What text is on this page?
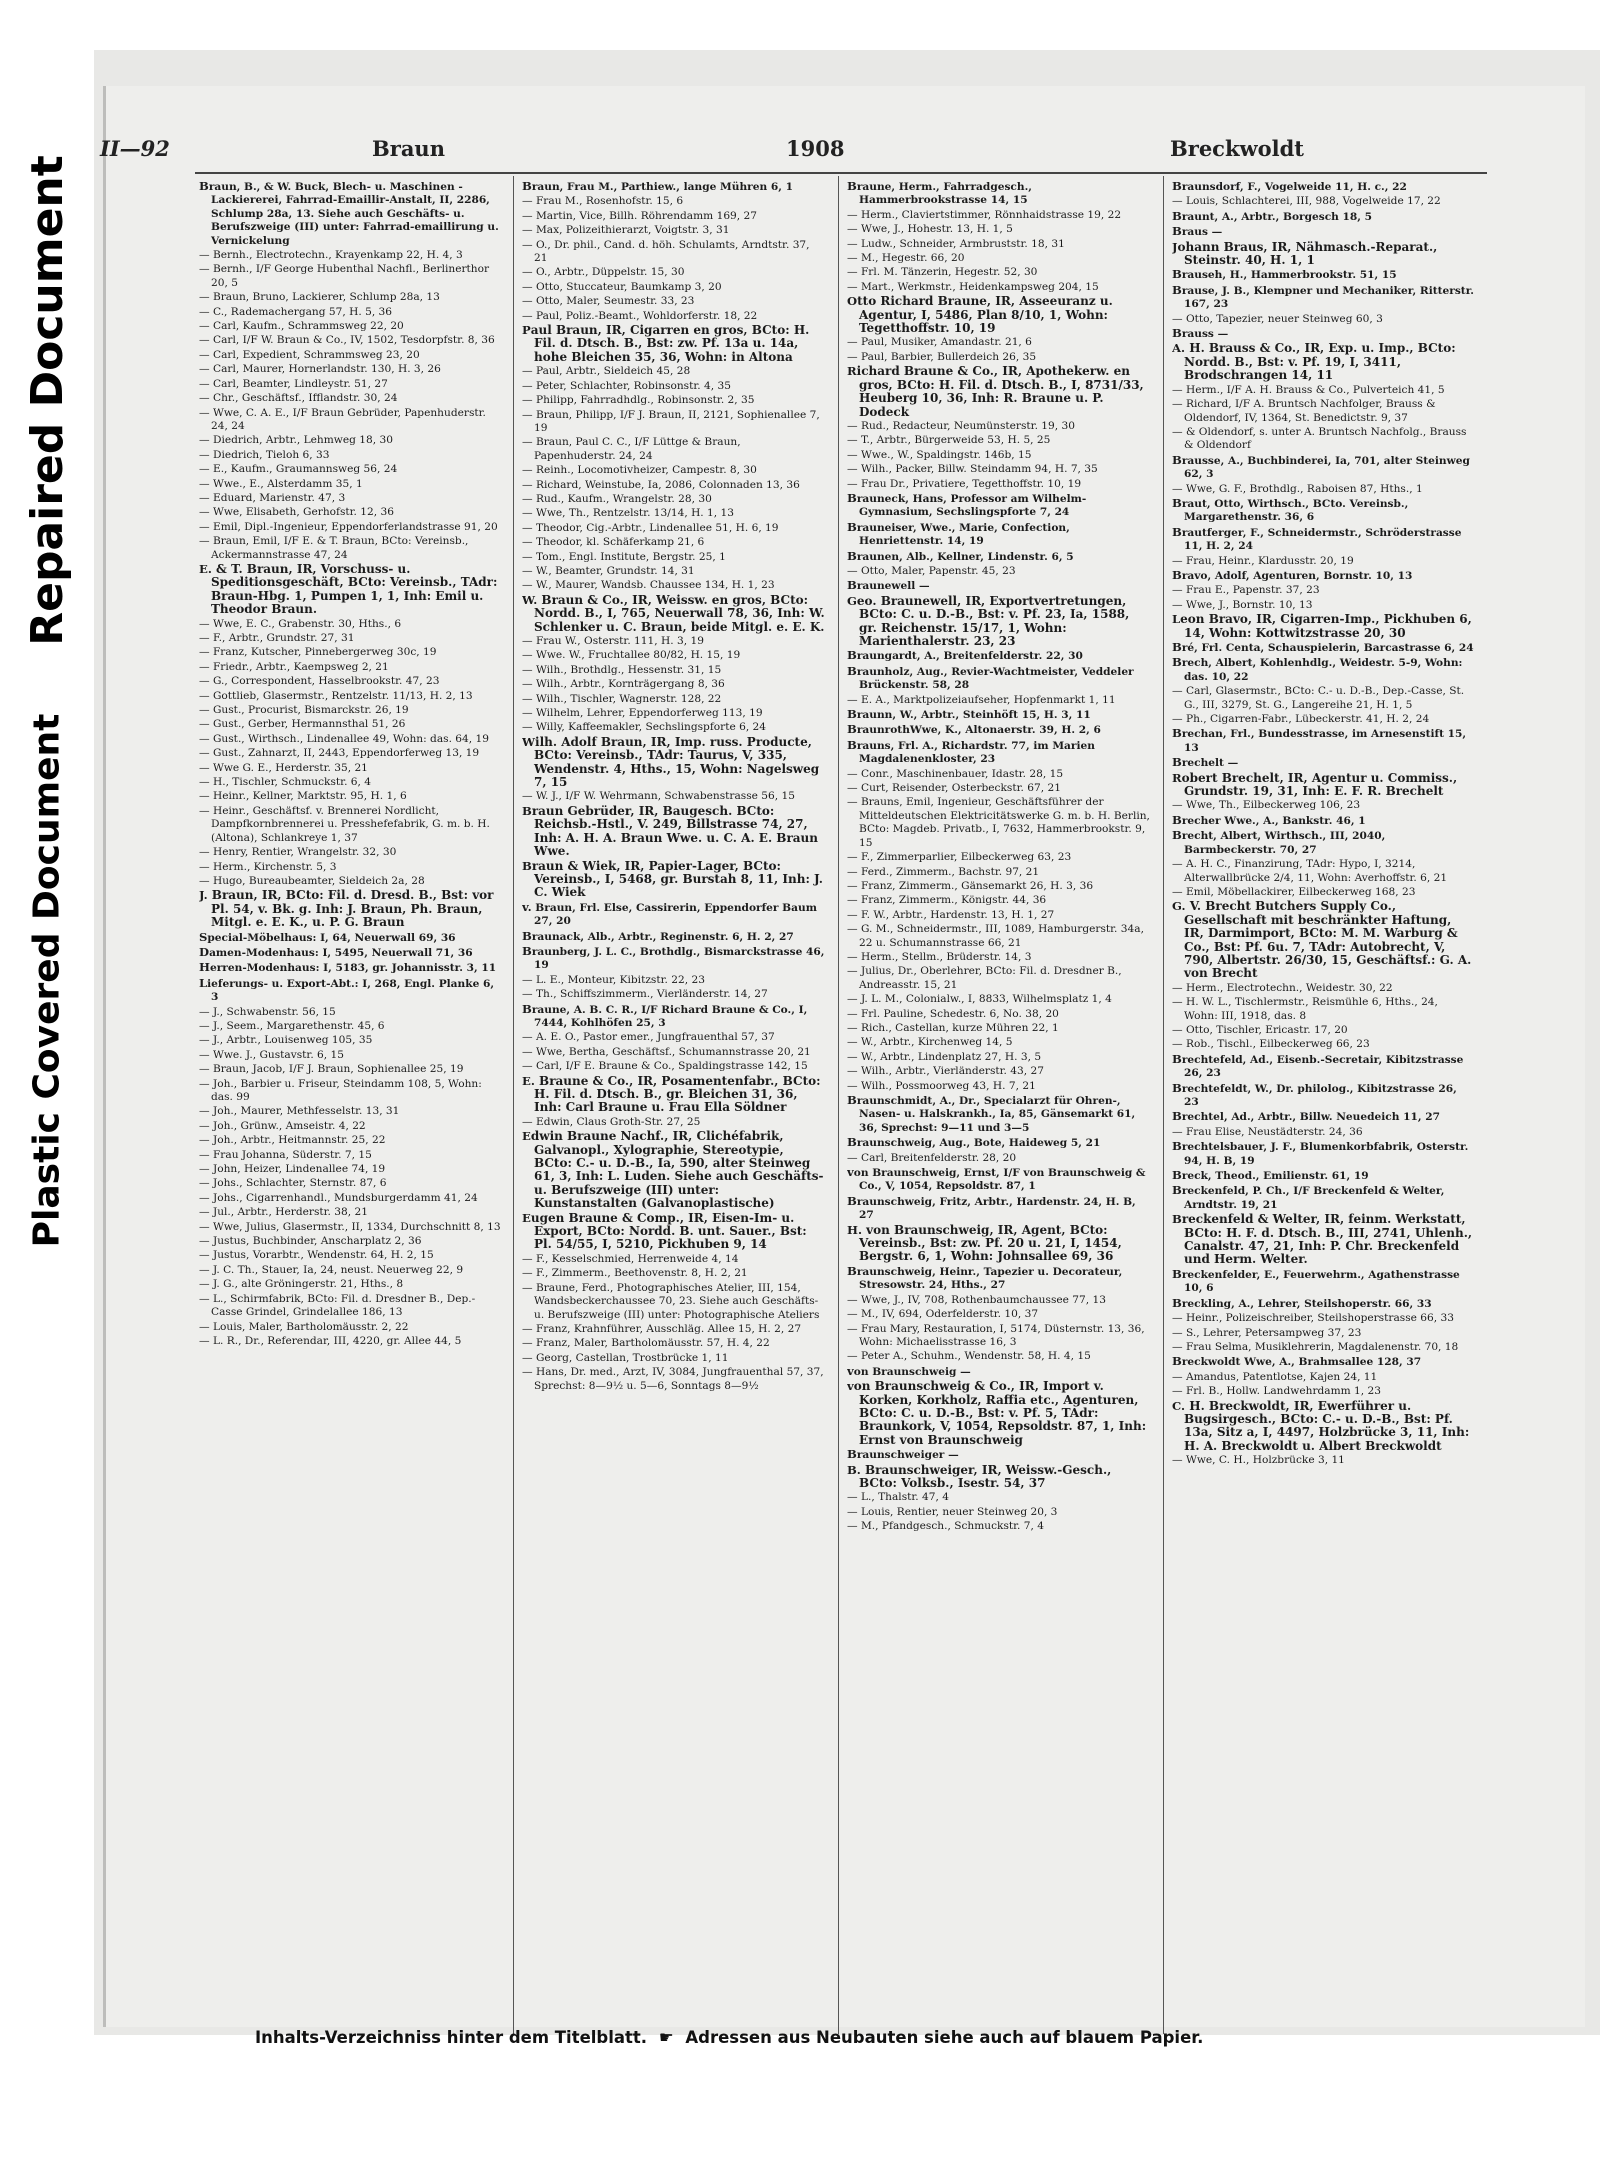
Repaired Document
Plastic Covered Document
II—92	Braun	1908	Breckwoldt
Braun, B., & W. Buck, Blech- u. Maschinen - Lackiererei, Fahrrad-Emaillir-Anstalt, II, 2286, Schlump 28a, 13. Siehe auch Geschäfts- u. Berufszweige (III) unter: Fahrrad-emaillirung u. Vernickelung
— Bernh., Electrotechn., Krayenkamp 22, H. 4, 3
— Bernh., I/F George Hubenthal Nachfl., Berlinerthor 20, 5
— Braun, Bruno, Lackierer, Schlump 28a, 13
— C., Rademachergang 57, H. 5, 36
— Carl, Kaufm., Schrammsweg 22, 20
— Carl, I/F W. Braun & Co., IV, 1502, Tesdorpfstr. 8, 36
— Carl, Expedient, Schrammsweg 23, 20
— Carl, Maurer, Hornerlandstr. 130, H. 3, 26
— Carl, Beamter, Lindleystr. 51, 27
— Chr., Geschäftsf., Ifflandstr. 30, 24
— Wwe, C. A. E., I/F Braun Gebrüder, Papenhuderstr. 24, 24
— Diedrich, Arbtr., Lehmweg 18, 30
— Diedrich, Tieloh 6, 33
— E., Kaufm., Graumannsweg 56, 24
— Wwe., E., Alsterdamm 35, 1
— Eduard, Marienstr. 47, 3
— Wwe, Elisabeth, Gerhofstr. 12, 36
— Emil, Dipl.-Ingenieur, Eppendorferlandstrasse 91, 20
— Braun, Emil, I/F E. & T. Braun, BCto: Vereinsb., Ackermannstrasse 47, 24
E. & T. Braun, IR, Vorschuss- u. Speditionsgeschäft, BCto: Vereinsb., TAdr: Braun-Hbg. 1, Pumpen 1, 1, Inh: Emil u. Theodor Braun.
— Wwe, E. C., Grabenstr. 30, Hths., 6
— F., Arbtr., Grundstr. 27, 31
— Franz, Kutscher, Pinnebergerweg 30c, 19
— Friedr., Arbtr., Kaempsweg 2, 21
— G., Correspondent, Hasselbrookstr. 47, 23
— Gottlieb, Glasermstr., Rentzelstr. 11/13, H. 2, 13
— Gust., Procurist, Bismarckstr. 26, 19
— Gust., Gerber, Hermannsthal 51, 26
— Gust., Wirthsch., Lindenallee 49, Wohn: das. 64, 19
— Gust., Zahnarzt, II, 2443, Eppendorferweg 13, 19
— Wwe G. E., Herderstr. 35, 21
— H., Tischler, Schmuckstr. 6, 4
— Heinr., Kellner, Marktstr. 95, H. 1, 6
— Heinr., Geschäftsf. v. Brennerei Nordlicht, Dampfkornbrennerei u. Presshefefabrik, G. m. b. H. (Altona), Schlankreye 1, 37
— Henry, Rentier, Wrangelstr. 32, 30
— Herm., Kirchenstr. 5, 3
— Hugo, Bureaubeamter, Sieldeich 2a, 28
J. Braun, IR, BCto: Fil. d. Dresd. B., Bst: vor Pl. 54, v. Bk. g. Inh: J. Braun, Ph. Braun, Mitgl. e. E. K., u. P. G. Braun
Special-Möbelhaus: I, 64, Neuerwall 69, 36
Damen-Modenhaus: I, 5495, Neuerwall 71, 36
Herren-Modenhaus: I, 5183, gr. Johannisstr. 3, 11
Lieferungs- u. Export-Abt.: I, 268, Engl. Planke 6, 3
— J., Schwabenstr. 56, 15
— J., Seem., Margarethenstr. 45, 6
— J., Arbtr., Louisenweg 105, 35
— Wwe. J., Gustavstr. 6, 15
— Braun, Jacob, I/F J. Braun, Sophienallee 25, 19
— Joh., Barbier u. Friseur, Steindamm 108, 5, Wohn: das. 99
— Joh., Maurer, Methfesselstr. 13, 31
— Joh., Grünw., Amseistr. 4, 22
— Joh., Arbtr., Heitmannstr. 25, 22
— Frau Johanna, Süderstr. 7, 15
— John, Heizer, Lindenallee 74, 19
— Johs., Schlachter, Sternstr. 87, 6
— Johs., Cigarrenhandl., Mundsburgerdamm 41, 24
— Jul., Arbtr., Herderstr. 38, 21
— Wwe, Julius, Glasermstr., II, 1334, Durchschnitt 8, 13
— Justus, Buchbinder, Anscharplatz 2, 36
— Justus, Vorarbtr., Wendenstr. 64, H. 2, 15
— J. C. Th., Stauer, Ia, 24, neust. Neuerweg 22, 9
— J. G., alte Gröningerstr. 21, Hths., 8
— L., Schirmfabrik, BCto: Fil. d. Dresdner B., Dep.-Casse Grindel, Grindelallee 186, 13
— Louis, Maler, Bartholomäusstr. 2, 22
— L. R., Dr., Referendar, III, 4220, gr. Allee 44, 5
Braun, Frau M., Parthiew., lange Mühren 6, 1
— Frau M., Rosenhofstr. 15, 6
— Martin, Vice, Billh. Röhrendamm 169, 27
— Max, Polizeithierarzt, Voigtstr. 3, 31
— O., Dr. phil., Cand. d. höh. Schulamts, Arndtstr. 37, 21
— O., Arbtr., Düppelstr. 15, 30
— Otto, Stuccateur, Baumkamp 3, 20
— Otto, Maler, Seumestr. 33, 23
— Paul, Poliz.-Beamt., Wohldorferstr. 18, 22
Paul Braun, IR, Cigarren en gros, BCto: H. Fil. d. Dtsch. B., Bst: zw. Pf. 13a u. 14a, hohe Bleichen 35, 36, Wohn: in Altona
— Paul, Arbtr., Sieldeich 45, 28
— Peter, Schlachter, Robinsonstr. 4, 35
— Philipp, Fahrradhdlg., Robinsonstr. 2, 35
— Braun, Philipp, I/F J. Braun, II, 2121, Sophienallee 7, 19
— Braun, Paul C. C., I/F Lüttge & Braun, Papenhuderstr. 24, 24
— Reinh., Locomotivheizer, Campestr. 8, 30
— Richard, Weinstube, Ia, 2086, Colonnaden 13, 36
— Rud., Kaufm., Wrangelstr. 28, 30
— Wwe, Th., Rentzelstr. 13/14, H. 1, 13
— Theodor, Cig.-Arbtr., Lindenallee 51, H. 6, 19
— Theodor, kl. Schäferkamp 21, 6
— Tom., Engl. Institute, Bergstr. 25, 1
— W., Beamter, Grundstr. 14, 31
— W., Maurer, Wandsb. Chaussee 134, H. 1, 23
W. Braun & Co., IR, Weissw. en gros, BCto: Nordd. B., I, 765, Neuerwall 78, 36, Inh: W. Schlenker u. C. Braun, beide Mitgl. e. E. K.
— Frau W., Osterstr. 111, H. 3, 19
— Wwe. W., Fruchtallee 80/82, H. 15, 19
— Wilh., Brothdlg., Hessenstr. 31, 15
— Wilh., Arbtr., Kornträgergang 8, 36
— Wilh., Tischler, Wagnerstr. 128, 22
— Wilhelm, Lehrer, Eppendorferweg 113, 19
— Willy, Kaffeemakler, Sechslingspforte 6, 24
Wilh. Adolf Braun, IR, Imp. russ. Producte, BCto: Vereinsb., TAdr: Taurus, V, 335, Wendenstr. 4, Hths., 15, Wohn: Nagelsweg 7, 15
— W. J., I/F W. Wehrmann, Schwabenstrasse 56, 15
Braun Gebrüder, IR, Baugesch. BCto: Reichsb.-Hstl., V. 249, Billstrasse 74, 27, Inh: A. H. A. Braun Wwe. u. C. A. E. Braun Wwe.
Braun & Wiek, IR, Papier-Lager, BCto: Vereinsb., I, 5468, gr. Burstah 8, 11, Inh: J. C. Wiek
v. Braun, Frl. Else, Cassirerin, Eppendorfer Baum 27, 20
Braunack, Alb., Arbtr., Reginenstr. 6, H. 2, 27
Braunberg, J. L. C., Brothdlg., Bismarckstrasse 46, 19
— L. E., Monteur, Kibitzstr. 22, 23
— Th., Schiffszimmerm., Vierländerstr. 14, 27
Braune, A. B. C. R., I/F Richard Braune & Co., I, 7444, Kohlhöfen 25, 3
— A. E. O., Pastor emer., Jungfrauenthal 57, 37
— Wwe, Bertha, Geschäftsf., Schumannstrasse 20, 21
— Carl, I/F E. Braune & Co., Spaldingstrasse 142, 15
E. Braune & Co., IR, Posamentenfabr., BCto: H. Fil. d. Dtsch. B., gr. Bleichen 31, 36, Inh: Carl Braune u. Frau Ella Söldner
— Edwin, Claus Groth-Str. 27, 25
Edwin Braune Nachf., IR, Clichéfabrik, Galvanopl., Xylographie, Stereotypie, BCto: C.- u. D.-B., Ia, 590, alter Steinweg 61, 3, Inh: L. Luden. Siehe auch Geschäfts- u. Berufszweige (III) unter: Kunstanstalten (Galvanoplastische)
Eugen Braune & Comp., IR, Eisen-Im- u. Export, BCto: Nordd. B. unt. Sauer., Bst: Pl. 54/55, I, 5210, Pickhuben 9, 14
— F., Kesselschmied, Herrenweide 4, 14
— F., Zimmerm., Beethovenstr. 8, H. 2, 21
— Braune, Ferd., Photographisches Atelier, III, 154, Wandsbeckerchaussee 70, 23. Siehe auch Geschäfts- u. Berufszweige (III) unter: Photographische Ateliers
— Franz, Krahnführer, Ausschläg. Allee 15, H. 2, 27
— Franz, Maler, Bartholomäusstr. 57, H. 4, 22
— Georg, Castellan, Trostbrücke 1, 11
— Hans, Dr. med., Arzt, IV, 3084, Jungfrauenthal 57, 37, Sprechst: 8—9½ u. 5—6, Sonntags 8—9½
Braune, Herm., Fahrradgesch., Hammerbrookstrasse 14, 15
— Herm., Claviertstimmer, Rönnhaidstrasse 19, 22
— Wwe, J., Hohestr. 13, H. 1, 5
— Ludw., Schneider, Armbruststr. 18, 31
— M., Hegestr. 66, 20
— Frl. M. Tänzerin, Hegestr. 52, 30
— Mart., Werkmstr., Heidenkampsweg 204, 15
Otto Richard Braune, IR, Asseeuranz u. Agentur, I, 5486, Plan 8/10, 1, Wohn: Tegetthoffstr. 10, 19
— Paul, Musiker, Amandastr. 21, 6
— Paul, Barbier, Bullerdeich 26, 35
Richard Braune & Co., IR, Apothekerw. en gros, BCto: H. Fil. d. Dtsch. B., I, 8731/33, Heuberg 10, 36, Inh: R. Braune u. P. Dodeck
— Rud., Redacteur, Neumünsterstr. 19, 30
— T., Arbtr., Bürgerweide 53, H. 5, 25
— Wwe., W., Spaldingstr. 146b, 15
— Wilh., Packer, Billw. Steindamm 94, H. 7, 35
— Frau Dr., Privatiere, Tegetthoffstr. 10, 19
Brauneck, Hans, Professor am Wilhelm-Gymnasium, Sechslingspforte 7, 24
Brauneiser, Wwe., Marie, Confection, Henriettenstr. 14, 19
Braunen, Alb., Kellner, Lindenstr. 6, 5
— Otto, Maler, Papenstr. 45, 23
Braunewell —
Geo. Braunewell, IR, Exportvertretungen, BCto: C. u. D.-B., Bst: v. Pf. 23, Ia, 1588, gr. Reichenstr. 15/17, 1, Wohn: Marienthalerstr. 23, 23
Braungardt, A., Breitenfelderstr. 22, 30
Braunholz, Aug., Revier-Wachtmeister, Veddeler Brückenstr. 58, 28
— E. A., Marktpolizeiaufseher, Hopfenmarkt 1, 11
Braunn, W., Arbtr., Steinhöft 15, H. 3, 11
BraunrothWwe, K., Altonaerstr. 39, H. 2, 6
Brauns, Frl. A., Richardstr. 77, im Marien Magdalenenkloster, 23
— Conr., Maschinenbauer, Idastr. 28, 15
— Curt, Reisender, Osterbeckstr. 67, 21
— Brauns, Emil, Ingenieur, Geschäftsführer der Mitteldeutschen Elektricitätswerke G. m. b. H. Berlin, BCto: Magdeb. Privatb., I, 7632, Hammerbrookstr. 9, 15
— F., Zimmerparlier, Eilbeckerweg 63, 23
— Ferd., Zimmerm., Bachstr. 97, 21
— Franz, Zimmerm., Gänsemarkt 26, H. 3, 36
— Franz, Zimmerm., Königstr. 44, 36
— F. W., Arbtr., Hardenstr. 13, H. 1, 27
— G. M., Schneidermstr., III, 1089, Hamburgerstr. 34a, 22 u. Schumannstrasse 66, 21
— Herm., Stellm., Brüderstr. 14, 3
— Julius, Dr., Oberlehrer, BCto: Fil. d. Dresdner B., Andreasstr. 15, 21
— J. L. M., Colonialw., I, 8833, Wilhelmsplatz 1, 4
— Frl. Pauline, Schedestr. 6, No. 38, 20
— Rich., Castellan, kurze Mühren 22, 1
— W., Arbtr., Kirchenweg 14, 5
— W., Arbtr., Lindenplatz 27, H. 3, 5
— Wilh., Arbtr., Vierländerstr. 43, 27
— Wilh., Possmoorweg 43, H. 7, 21
Braunschmidt, A., Dr., Specialarzt für Ohren-, Nasen- u. Halskrankh., Ia, 85, Gänsemarkt 61, 36, Sprechst: 9—11 und 3—5
Braunschweig, Aug., Bote, Haideweg 5, 21
— Carl, Breitenfelderstr. 28, 20
von Braunschweig, Ernst, I/F von Braunschweig & Co., V, 1054, Repsoldstr. 87, 1
Braunschweig, Fritz, Arbtr., Hardenstr. 24, H. B, 27
H. von Braunschweig, IR, Agent, BCto: Vereinsb., Bst: zw. Pf. 20 u. 21, I, 1454, Bergstr. 6, 1, Wohn: Johnsallee 69, 36
Braunschweig, Heinr., Tapezier u. Decorateur, Stresowstr. 24, Hths., 27
— Wwe, J., IV, 708, Rothenbaumchaussee 77, 13
— M., IV, 694, Oderfelderstr. 10, 37
— Frau Mary, Restauration, I, 5174, Düsternstr. 13, 36, Wohn: Michaelisstrasse 16, 3
— Peter A., Schuhm., Wendenstr. 58, H. 4, 15
von Braunschweig —
von Braunschweig & Co., IR, Import v. Korken, Korkholz, Raffia etc., Agenturen, BCto: C. u. D.-B., Bst: v. Pf. 5, TAdr: Braunkork, V, 1054, Repsoldstr. 87, 1, Inh: Ernst von Braunschweig
Braunschweiger —
B. Braunschweiger, IR, Weissw.-Gesch., BCto: Volksb., Isestr. 54, 37
— L., Thalstr. 47, 4
— Louis, Rentier, neuer Steinweg 20, 3
— M., Pfandgesch., Schmuckstr. 7, 4
Braunsdorf, F., Vogelweide 11, H. c., 22
— Louis, Schlachterei, III, 988, Vogelweide 17, 22
Braunt, A., Arbtr., Borgesch 18, 5
Braus —
Johann Braus, IR, Nähmasch.-Reparat., Steinstr. 40, H. 1, 1
Brauseh, H., Hammerbrookstr. 51, 15
Brause, J. B., Klempner und Mechaniker, Ritterstr. 167, 23
— Otto, Tapezier, neuer Steinweg 60, 3
Brauss —
A. H. Brauss & Co., IR, Exp. u. Imp., BCto: Nordd. B., Bst: v. Pf. 19, I, 3411, Brodschrangen 14, 11
— Herm., I/F A. H. Brauss & Co., Pulverteich 41, 5
— Richard, I/F A. Bruntsch Nachfolger, Brauss & Oldendorf, IV, 1364, St. Benedictstr. 9, 37
— & Oldendorf, s. unter A. Bruntsch Nachfolg., Brauss & Oldendorf
Brausse, A., Buchbinderei, Ia, 701, alter Steinweg 62, 3
— Wwe, G. F., Brothdlg., Raboisen 87, Hths., 1
Braut, Otto, Wirthsch., BCto. Vereinsb., Margarethenstr. 36, 6
Brautferger, F., Schneidermstr., Schröderstrasse 11, H. 2, 24
— Frau, Heinr., Klardusstr. 20, 19
Bravo, Adolf, Agenturen, Bornstr. 10, 13
— Frau E., Papenstr. 37, 23
— Wwe, J., Bornstr. 10, 13
Leon Bravo, IR, Cigarren-Imp., Pickhuben 6, 14, Wohn: Kottwitzstrasse 20, 30
Bré, Frl. Centa, Schauspielerin, Barcastrasse 6, 24
Brech, Albert, Kohlenhdlg., Weidestr. 5-9, Wohn: das. 10, 22
— Carl, Glasermstr., BCto: C.- u. D.-B., Dep.-Casse, St. G., III, 3279, St. G., Langereihe 21, H. 1, 5
— Ph., Cigarren-Fabr., Lübeckerstr. 41, H. 2, 24
Brechan, Frl., Bundesstrasse, im Arnesenstift 15, 13
Brechelt —
Robert Brechelt, IR, Agentur u. Commiss., Grundstr. 19, 31, Inh: E. F. R. Brechelt
— Wwe, Th., Eilbeckerweg 106, 23
Brecher Wwe., A., Bankstr. 46, 1
Brecht, Albert, Wirthsch., III, 2040, Barmbeckerstr. 70, 27
— A. H. C., Finanzirung, TAdr: Hypo, I, 3214, Alterwallbrücke 2/4, 11, Wohn: Averhoffstr. 6, 21
— Emil, Möbellackirer, Eilbeckerweg 168, 23
G. V. Brecht Butchers Supply Co., Gesellschaft mit beschränkter Haftung, IR, Darmimport, BCto: M. M. Warburg & Co., Bst: Pf. 6u. 7, TAdr: Autobrecht, V, 790, Albertstr. 26/30, 15, Geschäftsf.: G. A. von Brecht
— Herm., Electrotechn., Weidestr. 30, 22
— H. W. L., Tischlermstr., Reismühle 6, Hths., 24, Wohn: III, 1918, das. 8
— Otto, Tischler, Ericastr. 17, 20
— Rob., Tischl., Eilbeckerweg 66, 23
Brechtefeld, Ad., Eisenb.-Secretair, Kibitzstrasse 26, 23
Brechtefeldt, W., Dr. philolog., Kibitzstrasse 26, 23
Brechtel, Ad., Arbtr., Billw. Neuedeich 11, 27
— Frau Elise, Neustädterstr. 24, 36
Brechtelsbauer, J. F., Blumenkorbfabrik, Osterstr. 94, H. B, 19
Breck, Theod., Emilienstr. 61, 19
Breckenfeld, P. Ch., I/F Breckenfeld & Welter, Arndtstr. 19, 21
Breckenfeld & Welter, IR, feinm. Werkstatt, BCto: H. F. d. Dtsch. B., III, 2741, Uhlenh., Canalstr. 47, 21, Inh: P. Chr. Breckenfeld und Herm. Welter.
Breckenfelder, E., Feuerwehrm., Agathenstrasse 10, 6
Breckling, A., Lehrer, Steilshoperstr. 66, 33
— Heinr., Polizeischreiber, Steilshoperstrasse 66, 33
— S., Lehrer, Petersampweg 37, 23
— Frau Selma, Musiklehrerin, Magdalenenstr. 70, 18
Breckwoldt Wwe, A., Brahmsallee 128, 37
— Amandus, Patentlotse, Kajen 24, 11
— Frl. B., Hollw. Landwehrdamm 1, 23
C. H. Breckwoldt, IR, Ewerführer u. Bugsirgesch., BCto: C.- u. D.-B., Bst: Pf. 13a, Sitz a, I, 4497, Holzbrücke 3, 11, Inh: H. A. Breckwoldt u. Albert Breckwoldt
— Wwe, C. H., Holzbrücke 3, 11
Inhalts-Verzeichniss hinter dem Titelblatt. ☛ Adressen aus Neubauten siehe auch auf blauem Papier.
